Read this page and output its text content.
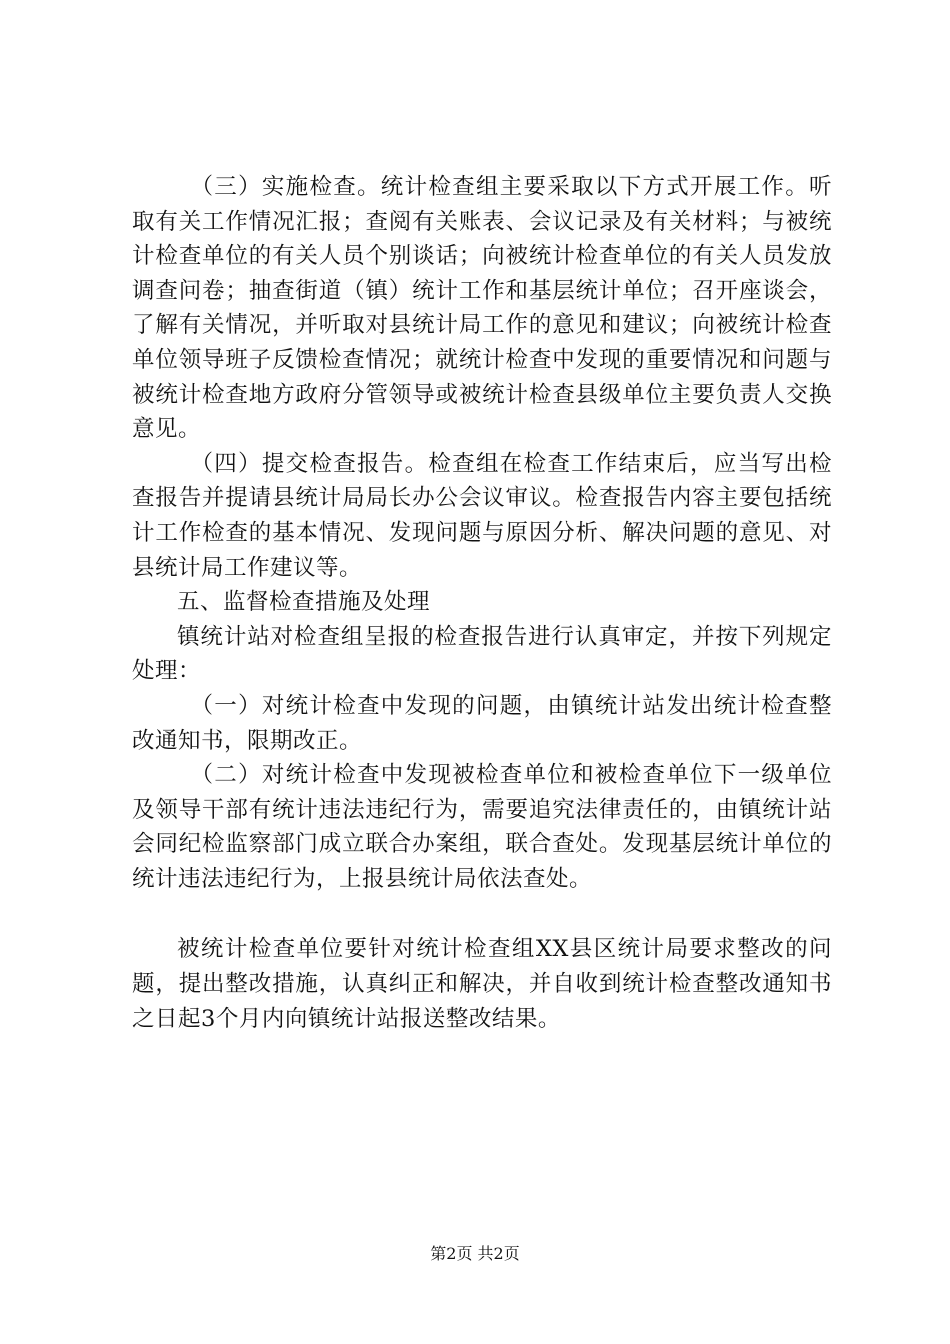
（三）实施检查。统计检查组主要采取以下方式开展工作。听取有关工作情况汇报；查阅有关账表、会议记录及有关材料；与被统计检查单位的有关人员个别谈话；向被统计检查单位的有关人员发放调查问卷；抽查街道（镇）统计工作和基层统计单位；召开座谈会，了解有关情况，并听取对县统计局工作的意见和建议；向被统计检查单位领导班子反馈检查情况；就统计检查中发现的重要情况和问题与被统计检查地方政府分管领导或被统计检查县级单位主要负责人交换意见。

（四）提交检查报告。检查组在检查工作结束后，应当写出检查报告并提请县统计局局长办公会议审议。检查报告内容主要包括统计工作检查的基本情况、发现问题与原因分析、解决问题的意见、对县统计局工作建议等。

五、监督检查措施及处理

镇统计站对检查组呈报的检查报告进行认真审定，并按下列规定处理：

（一）对统计检查中发现的问题，由镇统计站发出统计检查整改通知书，限期改正。

（二）对统计检查中发现被检查单位和被检查单位下一级单位及领导干部有统计违法违纪行为，需要追究法律责任的，由镇统计站会同纪检监察部门成立联合办案组，联合查处。发现基层统计单位的统计违法违纪行为，上报县统计局依法查处。

被统计检查单位要针对统计检查组XX县区统计局要求整改的问题，提出整改措施，认真纠正和解决，并自收到统计检查整改通知书之日起3个月内向镇统计站报送整改结果。

第2页 共2页
